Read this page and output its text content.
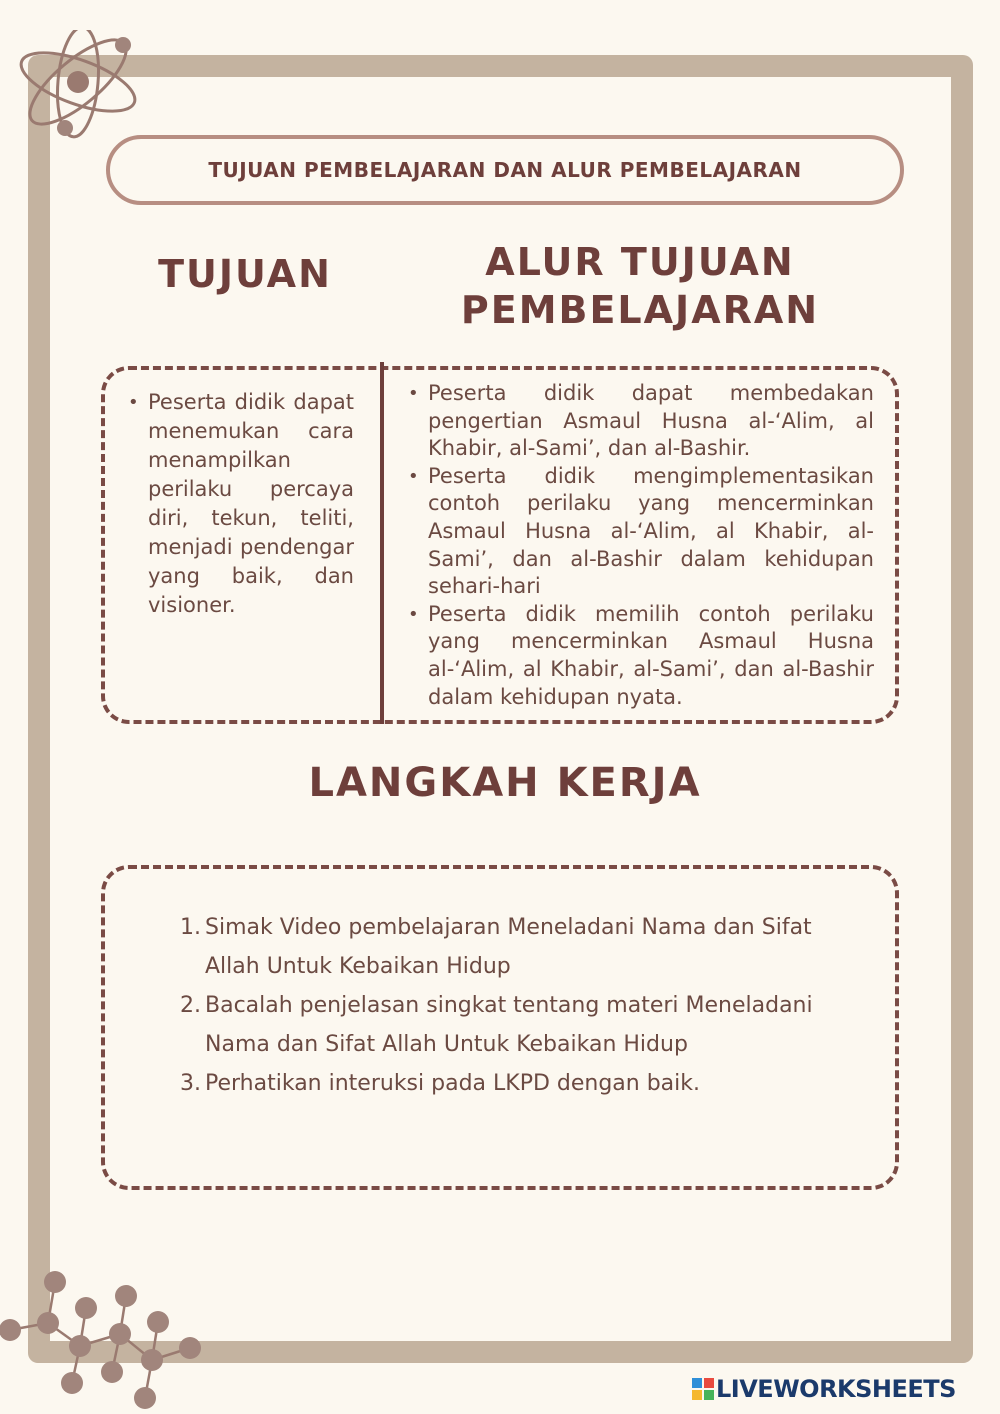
TUJUAN PEMBELAJARAN DAN ALUR PEMBELAJARAN
TUJUAN	ALUR TUJUAN
PEMBELAJARAN
• Peserta didik dapat menemukan cara menampilkan perilaku percaya diri, tekun, teliti, menjadi pendengar yang baik, dan visioner.
• Peserta didik dapat membedakan pengertian Asmaul Husna al-‘Alim, al Khabir, al-Sami’, dan al-Bashir.
• Peserta didik mengimplementasikan contoh perilaku yang mencerminkan Asmaul Husna al-‘Alim, al Khabir, al-Sami’, dan al-Bashir dalam kehidupan sehari-hari
• Peserta didik memilih contoh perilaku yang mencerminkan Asmaul Husna al-‘Alim, al Khabir, al-Sami’, dan al-Bashir dalam kehidupan nyata.
LANGKAH KERJA
1. Simak Video pembelajaran Meneladani Nama dan Sifat Allah Untuk Kebaikan Hidup
2. Bacalah penjelasan singkat tentang materi Meneladani Nama dan Sifat Allah Untuk Kebaikan Hidup
3. Perhatikan interuksi pada LKPD dengan baik.
LIVEWORKSHEETS
